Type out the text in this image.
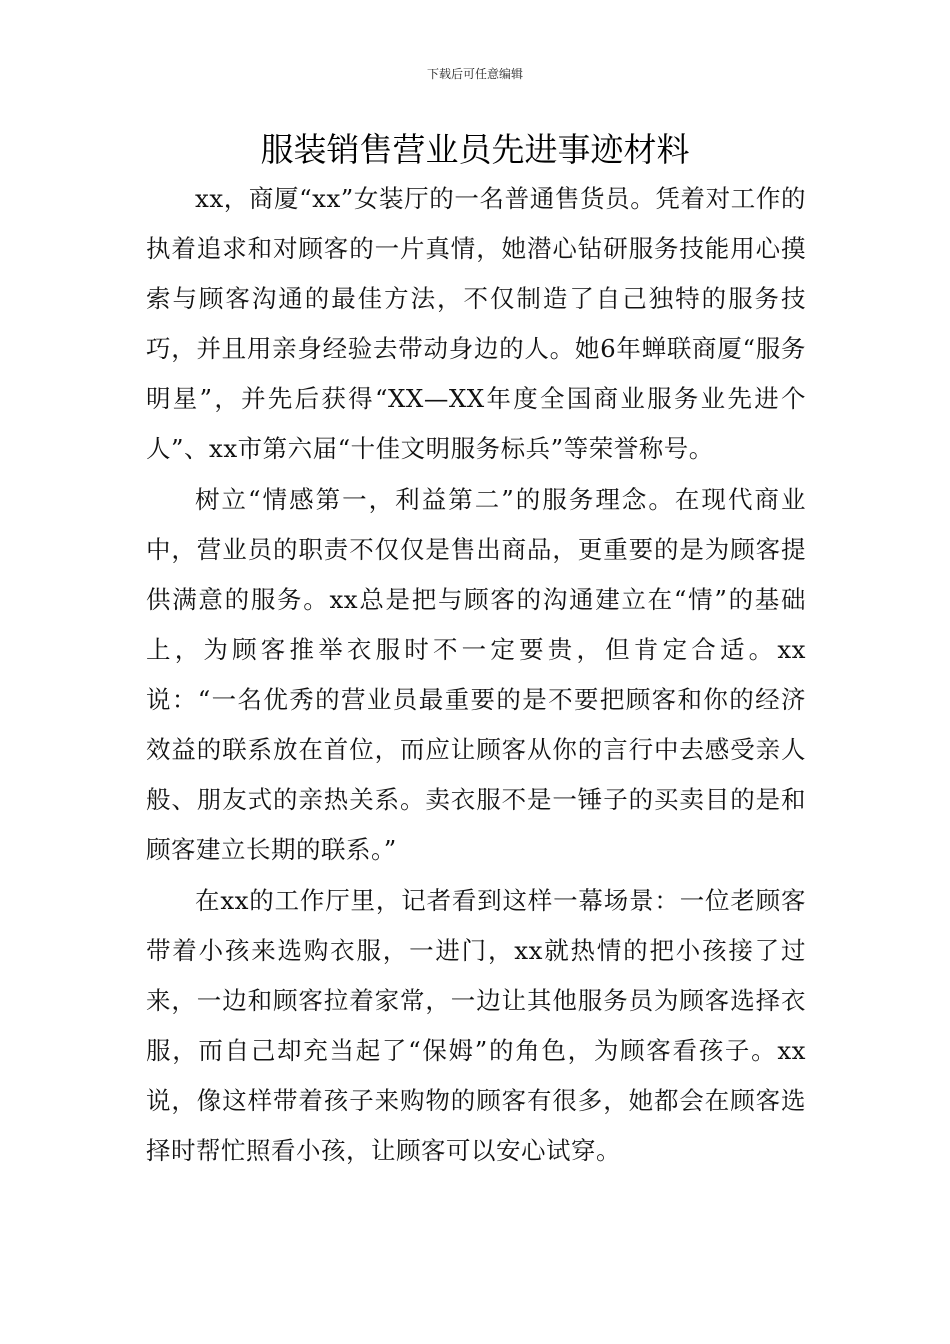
下载后可任意编辑
服装销售营业员先进事迹材料

xx，商厦“xx”女装厅的一名普通售货员。凭着对工作的执着追求和对顾客的一片真情，她潜心钻研服务技能用心摸索与顾客沟通的最佳方法，不仅制造了自己独特的服务技巧，并且用亲身经验去带动身边的人。她6年蝉联商厦“服务明星”，并先后获得“XX—XX年度全国商业服务业先进个人”、xx市第六届“十佳文明服务标兵”等荣誉称号。

树立“情感第一，利益第二”的服务理念。在现代商业中，营业员的职责不仅仅是售出商品，更重要的是为顾客提供满意的服务。xx总是把与顾客的沟通建立在“情”的基础上，为顾客推举衣服时不一定要贵，但肯定合适。xx说：“一名优秀的营业员最重要的是不要把顾客和你的经济效益的联系放在首位，而应让顾客从你的言行中去感受亲人般、朋友式的亲热关系。卖衣服不是一锤子的买卖目的是和顾客建立长期的联系。”

在xx的工作厅里，记者看到这样一幕场景：一位老顾客带着小孩来选购衣服，一进门，xx就热情的把小孩接了过来，一边和顾客拉着家常，一边让其他服务员为顾客选择衣服，而自己却充当起了“保姆”的角色，为顾客看孩子。xx说，像这样带着孩子来购物的顾客有很多，她都会在顾客选择时帮忙照看小孩，让顾客可以安心试穿。
